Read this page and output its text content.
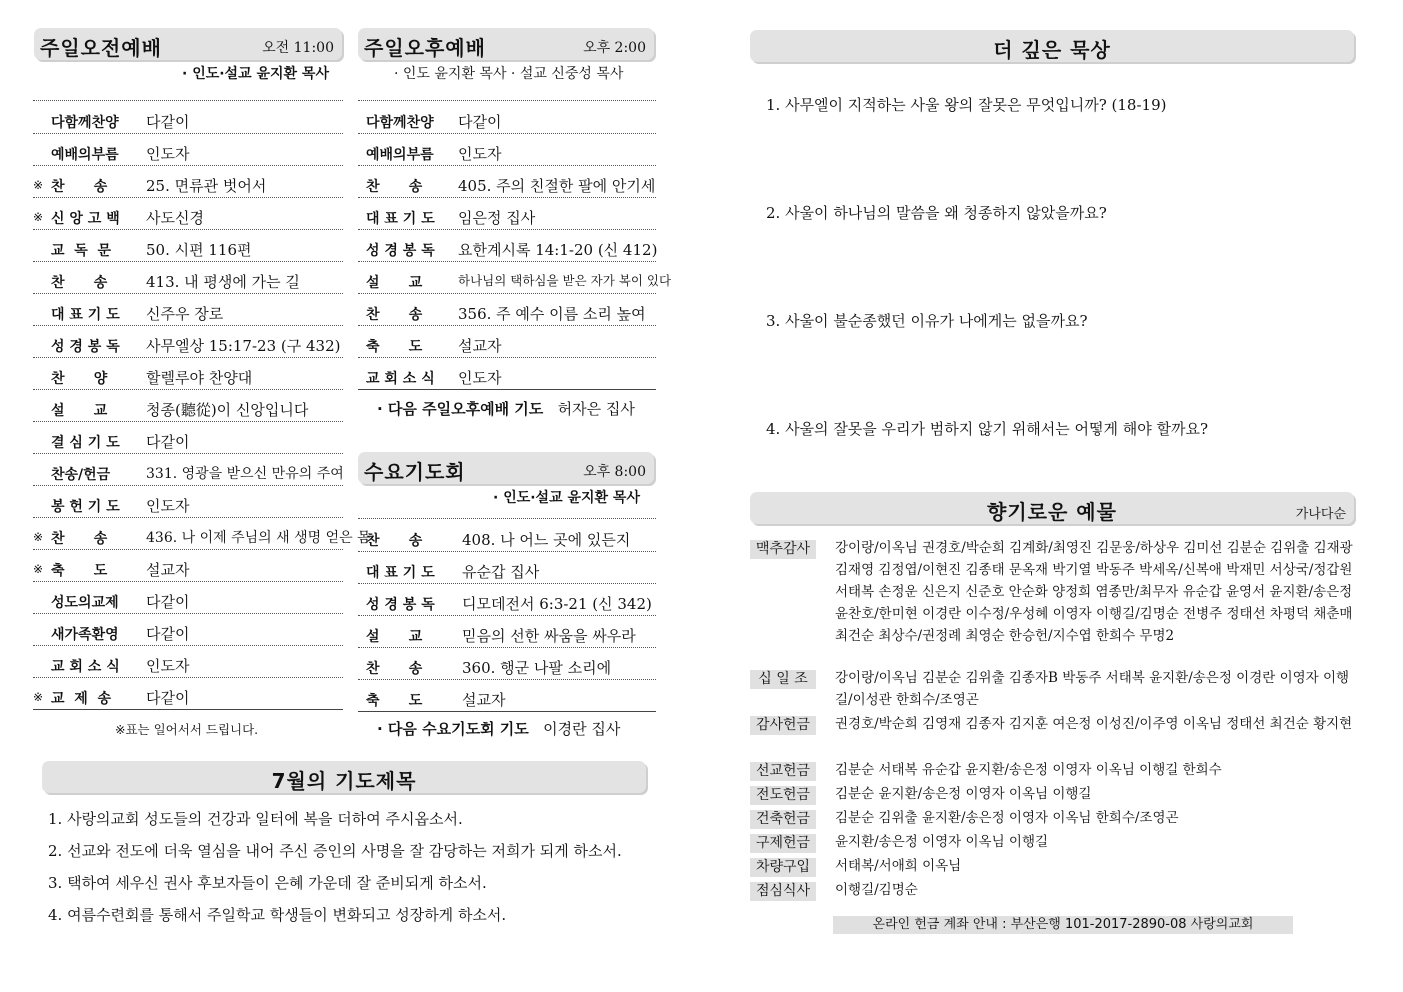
주일오전예배	오전 11:00
· 인도·설교 윤지환 목사
다함께찬양	다같이
예배의부름	인도자
※ 찬      송	25. 면류관 벗어서
※ 신 앙 고 백	사도신경
교  독  문	50. 시편 116편
찬      송	413. 내 평생에 가는 길
대 표 기 도	신주우 장로
성 경 봉 독	사무엘상 15:17-23 (구 432)
찬      양	할렐루야 찬양대
설      교	청종(聽從)이 신앙입니다
결 심 기 도	다같이
찬송/헌금	331. 영광을 받으신 만유의 주여
봉 헌 기 도	인도자
※ 찬      송	436. 나 이제 주님의 새 생명 얻은 몸
※ 축      도	설교자
성도의교제	다같이
새가족환영	다같이
교 회 소 식	인도자
※ 교  제  송	다같이
※표는 일어서서 드립니다.
주일오후예배	오후 2:00
· 인도 윤지환 목사 · 설교 신중성 목사
다함께찬양	다같이
예배의부름	인도자
찬      송	405. 주의 친절한 팔에 안기세
대 표 기 도	임은정 집사
성 경 봉 독	요한계시록 14:1-20 (신 412)
설      교	하나님의 택하심을 받은 자가 복이 있다
찬      송	356. 주 예수 이름 소리 높여
축      도	설교자
교 회 소 식	인도자
· 다음 주일오후예배 기도 허자은 집사
수요기도회	오후 8:00
· 인도·설교 윤지환 목사
찬      송	408. 나 어느 곳에 있든지
대 표 기 도	유순갑 집사
성 경 봉 독	디모데전서 6:3-21 (신 342)
설      교	믿음의 선한 싸움을 싸우라
찬      송	360. 행군 나팔 소리에
축      도	설교자
· 다음 수요기도회 기도 이경란 집사
7월의 기도제목
1. 사랑의교회 성도들의 건강과 일터에 복을 더하여 주시옵소서.
2. 선교와 전도에 더욱 열심을 내어 주신 증인의 사명을 잘 감당하는 저희가 되게 하소서.
3. 택하여 세우신 권사 후보자들이 은혜 가운데 잘 준비되게 하소서.
4. 여름수련회를 통해서 주일학교 학생들이 변화되고 성장하게 하소서.
더 깊은 묵상
1. 사무엘이 지적하는 사울 왕의 잘못은 무엇입니까? (18-19)
2. 사울이 하나님의 말씀을 왜 청종하지 않았을까요?
3. 사울이 불순종했던 이유가 나에게는 없을까요?
4. 사울의 잘못을 우리가 범하지 않기 위해서는 어떻게 해야 할까요?
향기로운 예물	가나다순
맥추감사	강이랑/이옥님 권경호/박순희 김계화/최영진 김문웅/하상우 김미선 김분순 김위출 김재광 김재영 김정엽/이현진 김종태 문옥재 박기열 박동주 박세옥/신복애 박재민 서상국/정갑원 서태복 손정운 신은지 신준호 안순화 양정희 염종만/최무자 유순갑 윤영서 윤지환/송은정 윤찬호/한미현 이경란 이수정/우성혜 이영자 이행길/김명순 전병주 정태선 차평덕 채춘매 최건순 최상수/권정례 최영순 한승헌/지수엽 한희수 무명2
십 일 조	강이랑/이옥님 김분순 김위출 김종자B 박동주 서태복 윤지환/송은정 이경란 이영자 이행길/이성관 한희수/조영곤
감사헌금	권경호/박순희 김영재 김종자 김지훈 여은정 이성진/이주영 이옥님 정태선 최건순 황지현
선교헌금	김분순 서태복 유순갑 윤지환/송은정 이영자 이옥님 이행길 한희수
전도헌금	김분순 윤지환/송은정 이영자 이옥님 이행길
건축헌금	김분순 김위출 윤지환/송은정 이영자 이옥님 한희수/조영곤
구제헌금	윤지환/송은정 이영자 이옥님 이행길
차량구입	서태복/서애희 이옥님
점심식사	이행길/김명순
온라인 헌금 계좌 안내 : 부산은행 101-2017-2890-08 사랑의교회
